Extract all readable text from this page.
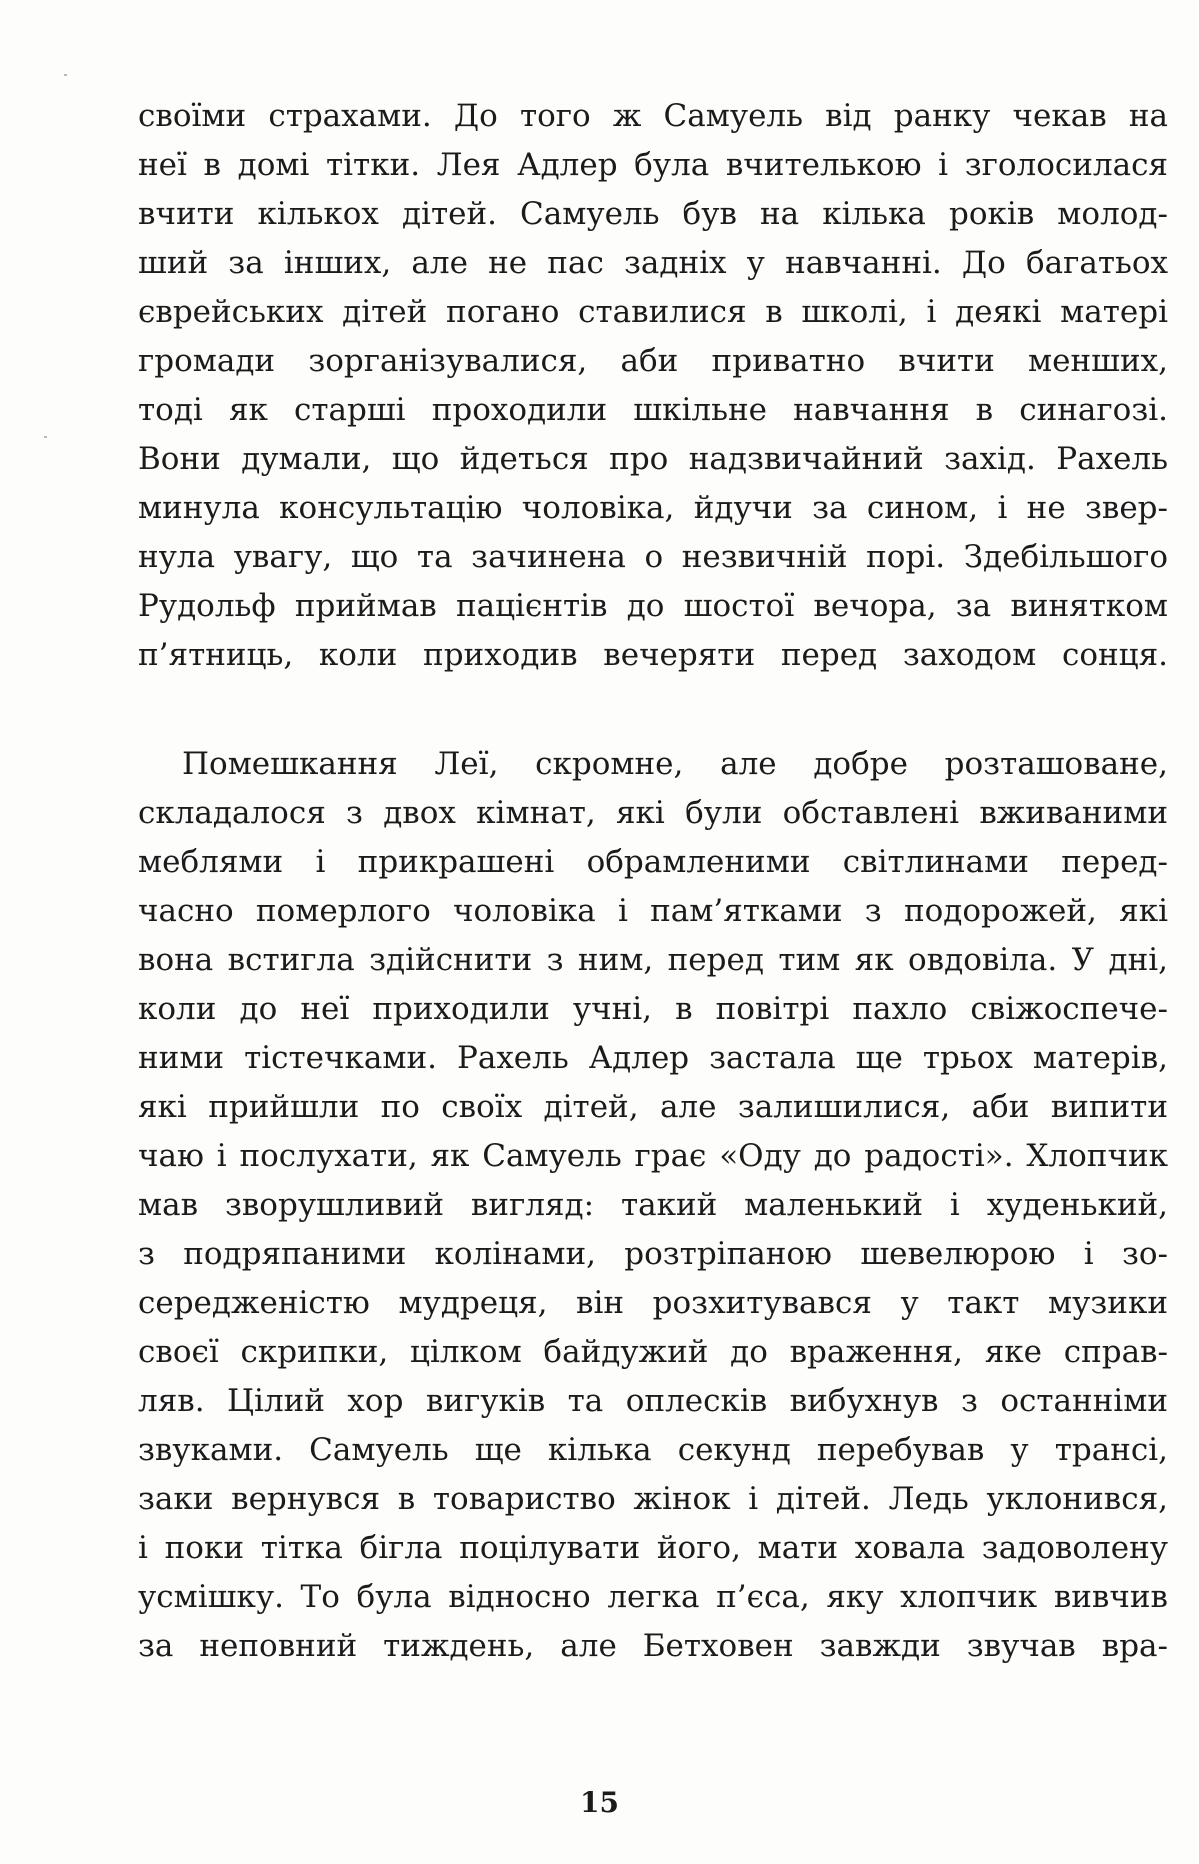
своїми страхами. До того ж Самуель від ранку чекав на
неї в домі тітки. Лея Адлер була вчителькою і зголосилася
вчити кількох дітей. Самуель був на кілька років молод-
ший за інших, але не пас задніх у навчанні. До багатьох
єврейських дітей погано ставилися в школі, і деякі матері
громади зорганізувалися, аби приватно вчити менших,
тоді як старші проходили шкільне навчання в синагозі.
Вони думали, що йдеться про надзвичайний захід. Рахель
минула консультацію чоловіка, йдучи за сином, і не звер-
нула увагу, що та зачинена о незвичній порі. Здебільшого
Рудольф приймав пацієнтів до шостої вечора, за винятком
п’ятниць, коли приходив вечеряти перед заходом сонця.
Помешкання Леї, скромне, але добре розташоване,
складалося з двох кімнат, які були обставлені вживаними
меблями і прикрашені обрамленими світлинами перед-
часно померлого чоловіка і пам’ятками з подорожей, які
вона встигла здійснити з ним, перед тим як овдовіла. У дні,
коли до неї приходили учні, в повітрі пахло свіжоспече-
ними тістечками. Рахель Адлер застала ще трьох матерів,
які прийшли по своїх дітей, але залишилися, аби випити
чаю і послухати, як Самуель грає «Оду до радості». Хлопчик
мав зворушливий вигляд: такий маленький і худенький,
з подряпаними колінами, розтріпаною шевелюрою і зо-
середженістю мудреця, він розхитувався у такт музики
своєї скрипки, цілком байдужий до враження, яке справ-
ляв. Цілий хор вигуків та оплесків вибухнув з останніми
звуками. Самуель ще кілька секунд перебував у трансі,
заки вернувся в товариство жінок і дітей. Ледь уклонився,
і поки тітка бігла поцілувати його, мати ховала задоволену
усмішку. То була відносно легка п’єса, яку хлопчик вивчив
за неповний тиждень, але Бетховен завжди звучав вра-
15
